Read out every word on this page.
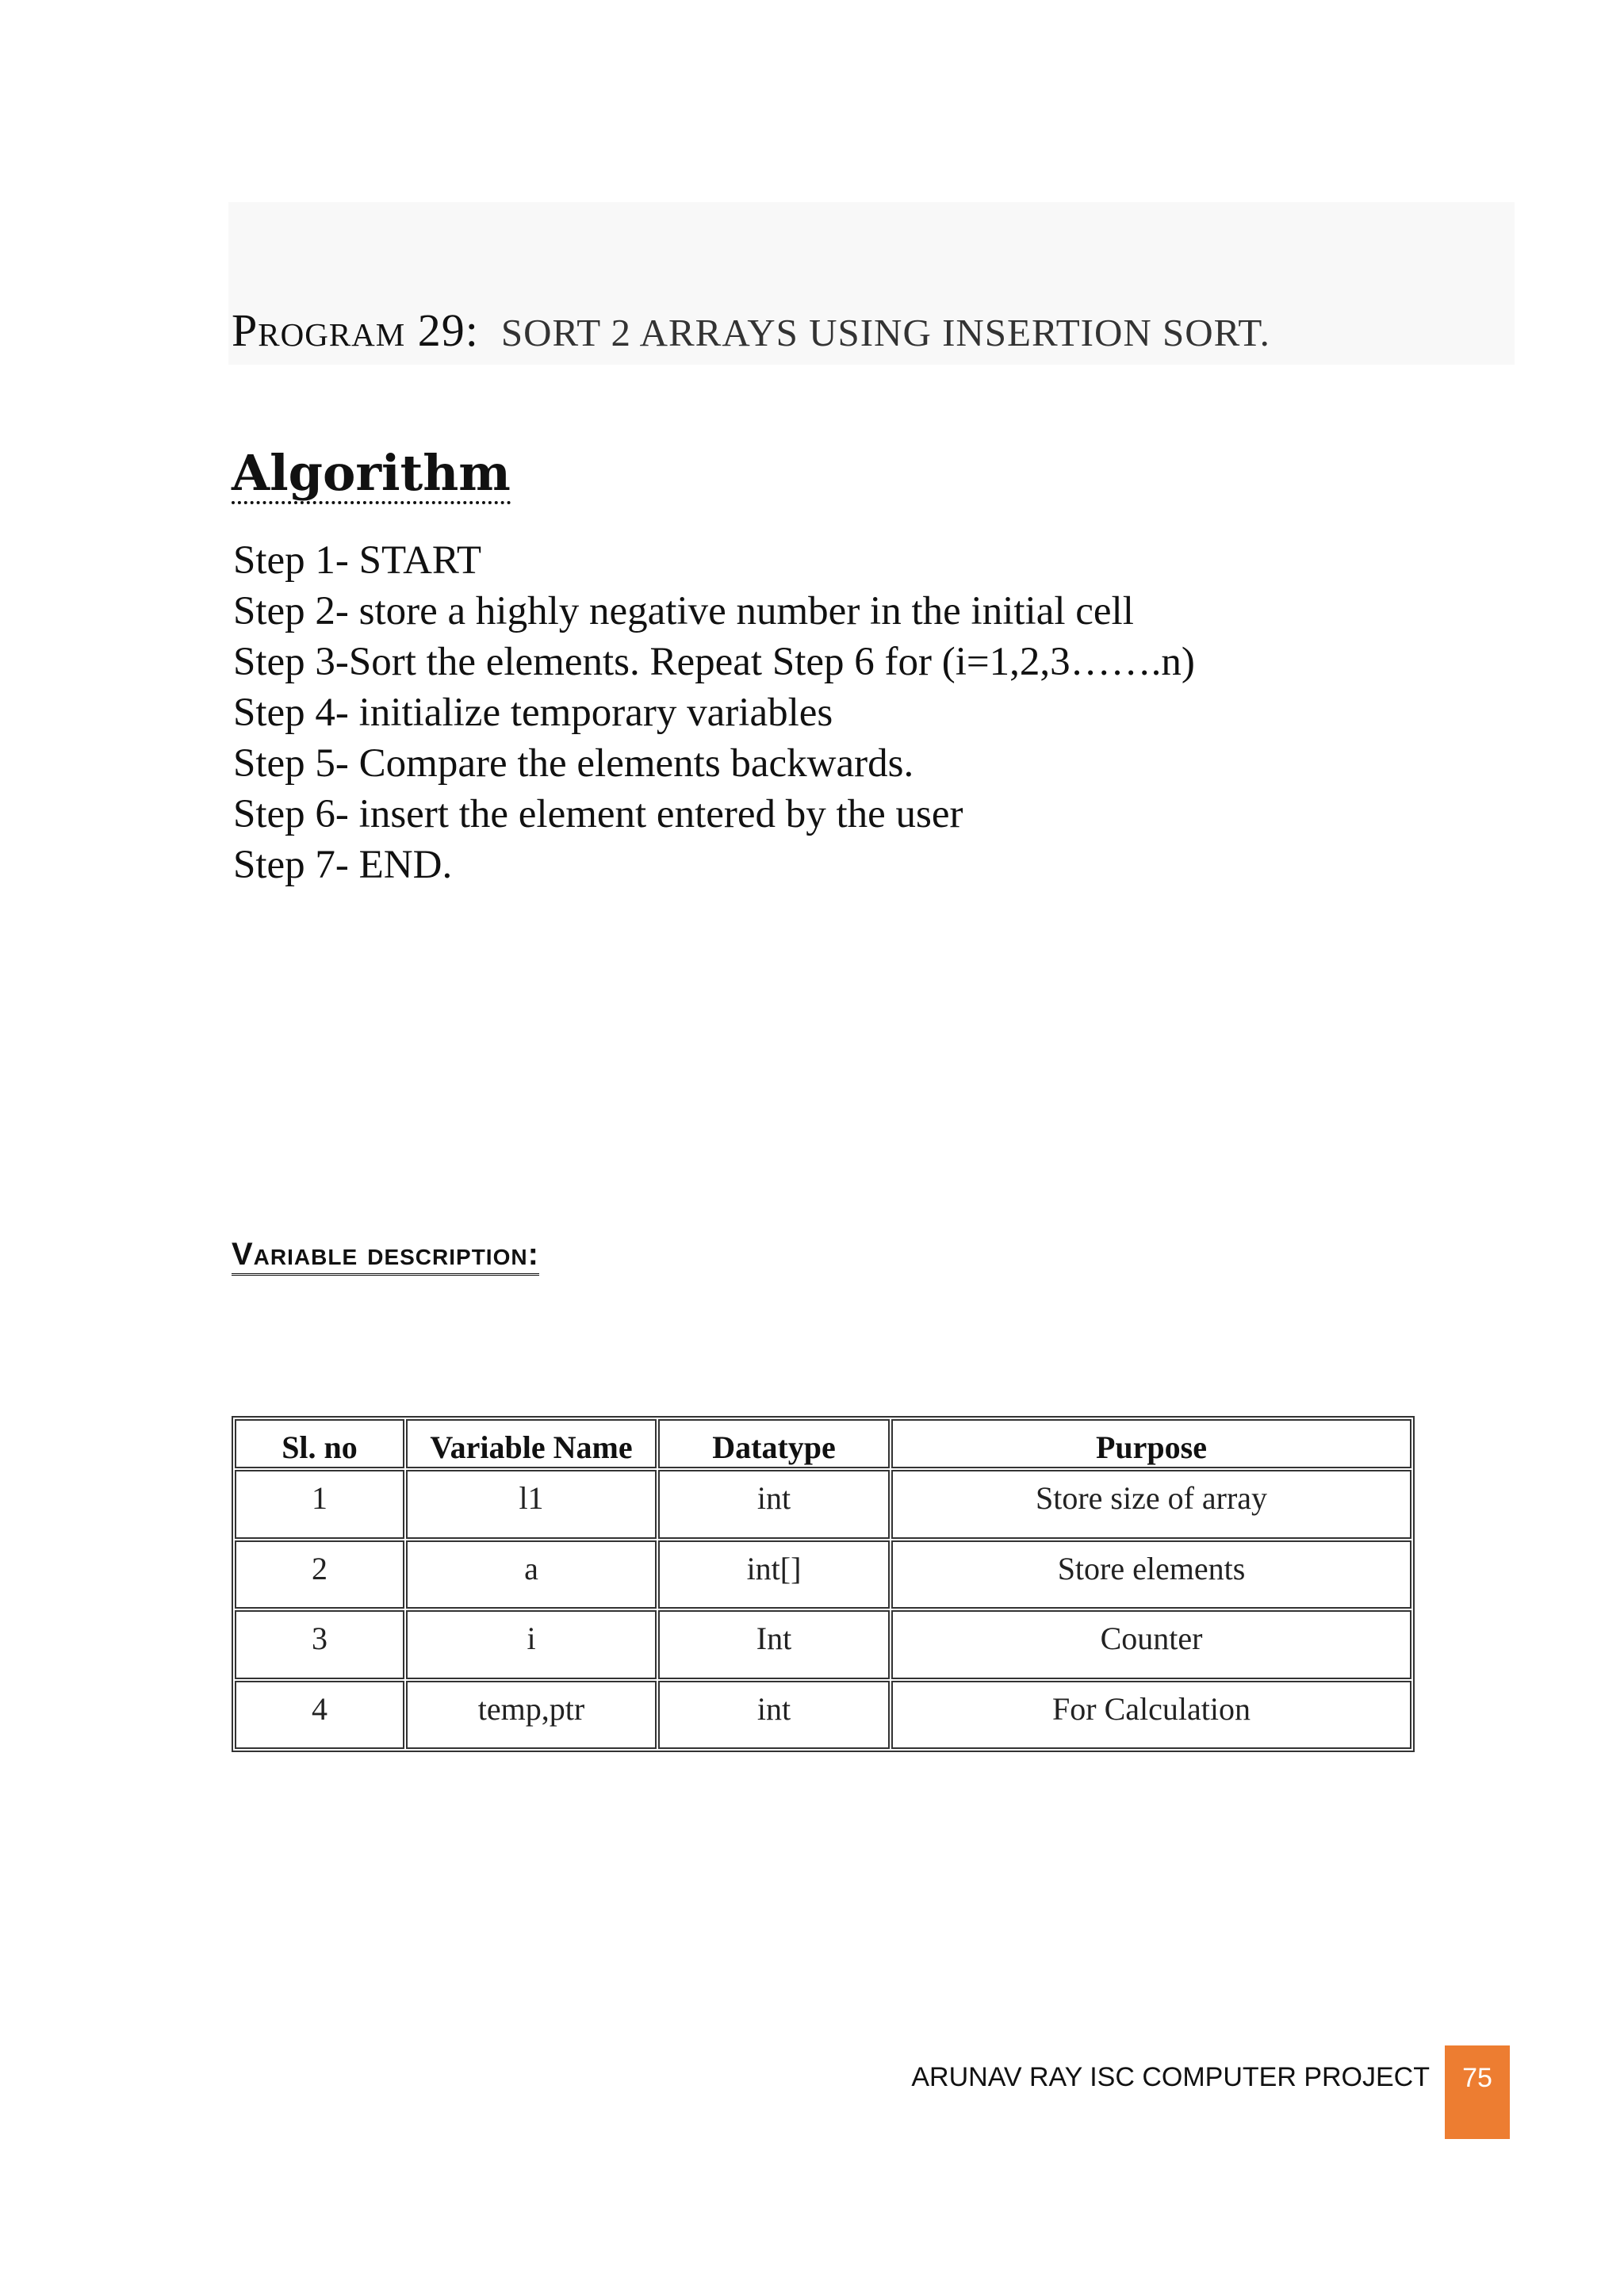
Program 29: SORT 2 ARRAYS USING INSERTION SORT.
Algorithm
Step 1- START
Step 2- store a highly negative number in the initial cell
Step 3-Sort the elements. Repeat Step 6 for (i=1,2,3…….n)
Step 4- initialize temporary variables
Step 5- Compare the elements backwards.
Step 6- insert the element entered by the user
Step 7- END.
Variable description:
Sl. no	Variable Name	Datatype	Purpose
1	l1	int	Store size of array
2	a	int[]	Store elements
3	i	Int	Counter
4	temp,ptr	int	For Calculation
ARUNAV RAY ISC COMPUTER PROJECT	75
